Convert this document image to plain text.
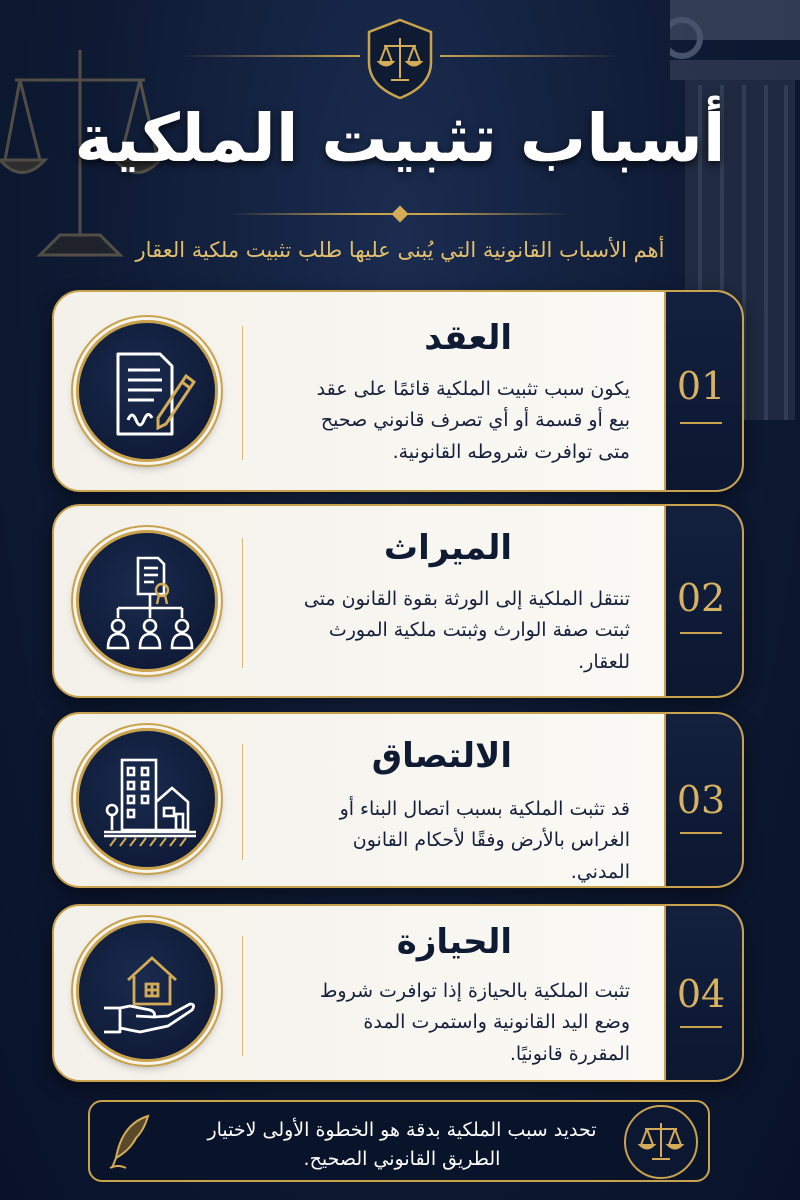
أسباب تثبيت الملكية
أهم الأسباب القانونية التي يُبنى عليها طلب تثبيت ملكية العقار
01
العقد
يكون سبب تثبيت الملكية قائمًا على عقد بيع أو قسمة أو أي تصرف قانوني صحيح متى توافرت شروطه القانونية.
02
الميراث
تنتقل الملكية إلى الورثة بقوة القانون متى ثبتت صفة الوارث وثبتت ملكية المورث للعقار.
03
الالتصاق
قد تثبت الملكية بسبب اتصال البناء أو الغراس بالأرض وفقًا لأحكام القانون المدني.
04
الحيازة
تثبت الملكية بالحيازة إذا توافرت شروط وضع اليد القانونية واستمرت المدة المقررة قانونيًا.
تحديد سبب الملكية بدقة هو الخطوة الأولى لاختيار الطريق القانوني الصحيح.
